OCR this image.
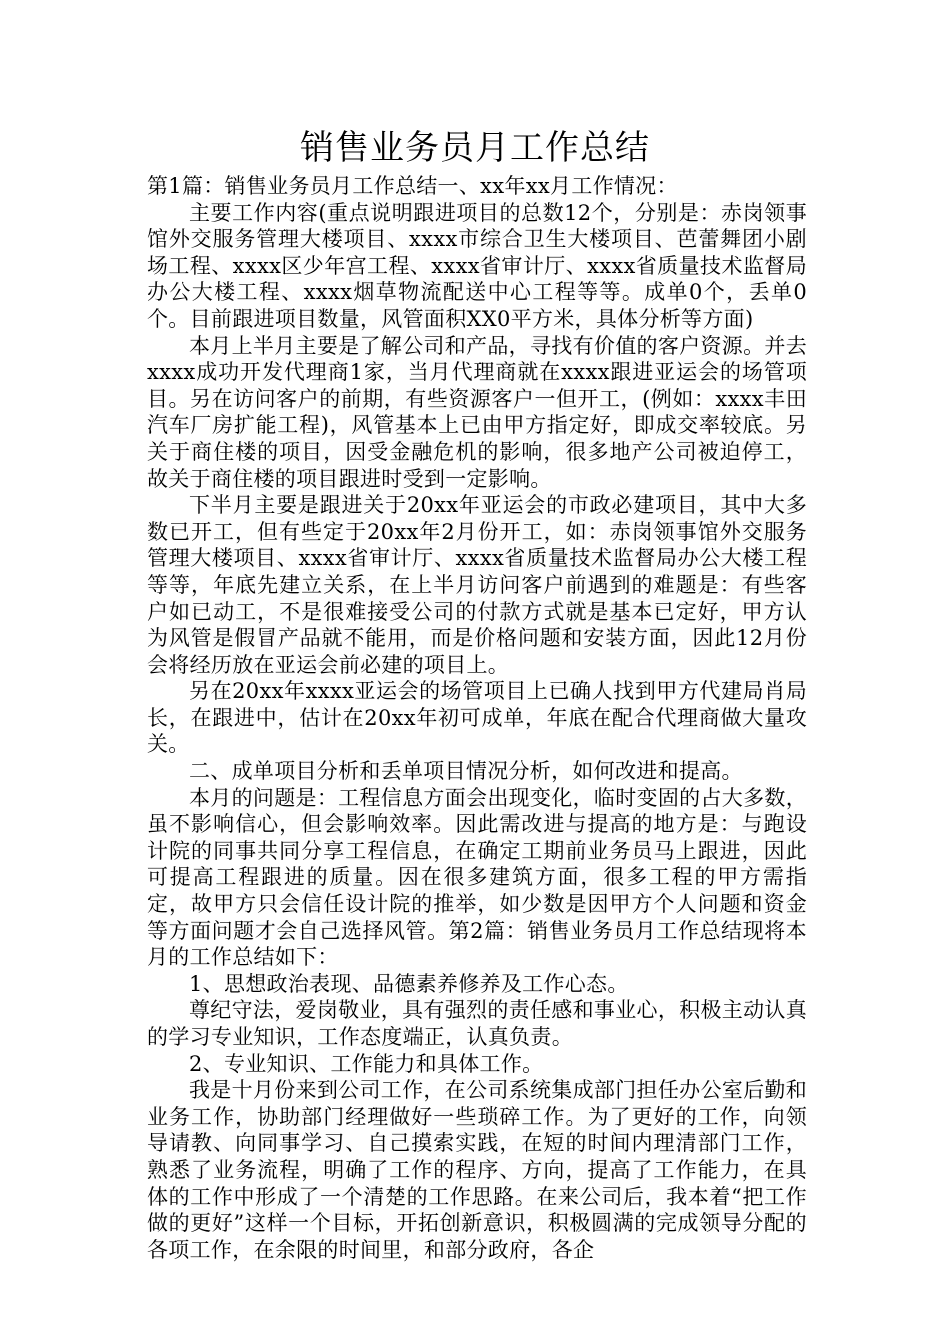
销售业务员月工作总结

第1篇：销售业务员月工作总结一、xx年xx月工作情况：

主要工作内容(重点说明跟进项目的总数12个，分别是：赤岗领事馆外交服务管理大楼项目、xxxx市综合卫生大楼项目、芭蕾舞团小剧场工程、xxxx区少年宫工程、xxxx省审计厅、xxxx省质量技术监督局办公大楼工程、xxxx烟草物流配送中心工程等等。成单0个，丢单0个。目前跟进项目数量，风管面积XX0平方米，具体分析等方面)

本月上半月主要是了解公司和产品，寻找有价值的客户资源。并去xxxx成功开发代理商1家，当月代理商就在xxxx跟进亚运会的场管项目。另在访问客户的前期，有些资源客户一但开工，(例如：xxxx丰田汽车厂房扩能工程)，风管基本上已由甲方指定好，即成交率较底。另关于商住楼的项目，因受金融危机的影响，很多地产公司被迫停工，故关于商住楼的项目跟进时受到一定影响。

下半月主要是跟进关于20xx年亚运会的市政必建项目，其中大多数已开工，但有些定于20xx年2月份开工，如：赤岗领事馆外交服务管理大楼项目、xxxx省审计厅、xxxx省质量技术监督局办公大楼工程等等，年底先建立关系，在上半月访问客户前遇到的难题是：有些客户如已动工，不是很难接受公司的付款方式就是基本已定好，甲方认为风管是假冒产品就不能用，而是价格问题和安装方面，因此12月份会将经历放在亚运会前必建的项目上。

另在20xx年xxxx亚运会的场管项目上已确人找到甲方代建局肖局长，在跟进中，估计在20xx年初可成单，年底在配合代理商做大量攻关。

二、成单项目分析和丢单项目情况分析，如何改进和提高。

本月的问题是：工程信息方面会出现变化，临时变固的占大多数，虽不影响信心，但会影响效率。因此需改进与提高的地方是：与跑设计院的同事共同分享工程信息，在确定工期前业务员马上跟进，因此可提高工程跟进的质量。因在很多建筑方面，很多工程的甲方需指定，故甲方只会信任设计院的推举，如少数是因甲方个人问题和资金等方面问题才会自己选择风管。第2篇：销售业务员月工作总结现将本月的工作总结如下：

1、思想政治表现、品德素养修养及工作心态。

尊纪守法，爱岗敬业，具有强烈的责任感和事业心，积极主动认真的学习专业知识，工作态度端正，认真负责。

2、专业知识、工作能力和具体工作。

我是十月份来到公司工作，在公司系统集成部门担任办公室后勤和业务工作，协助部门经理做好一些琐碎工作。为了更好的工作，向领导请教、向同事学习、自己摸索实践，在短的时间内理清部门工作，熟悉了业务流程，明确了工作的程序、方向，提高了工作能力，在具体的工作中形成了一个清楚的工作思路。在来公司后，我本着“把工作做的更好”这样一个目标，开拓创新意识，积极圆满的完成领导分配的各项工作，在余限的时间里，和部分政府，各企
